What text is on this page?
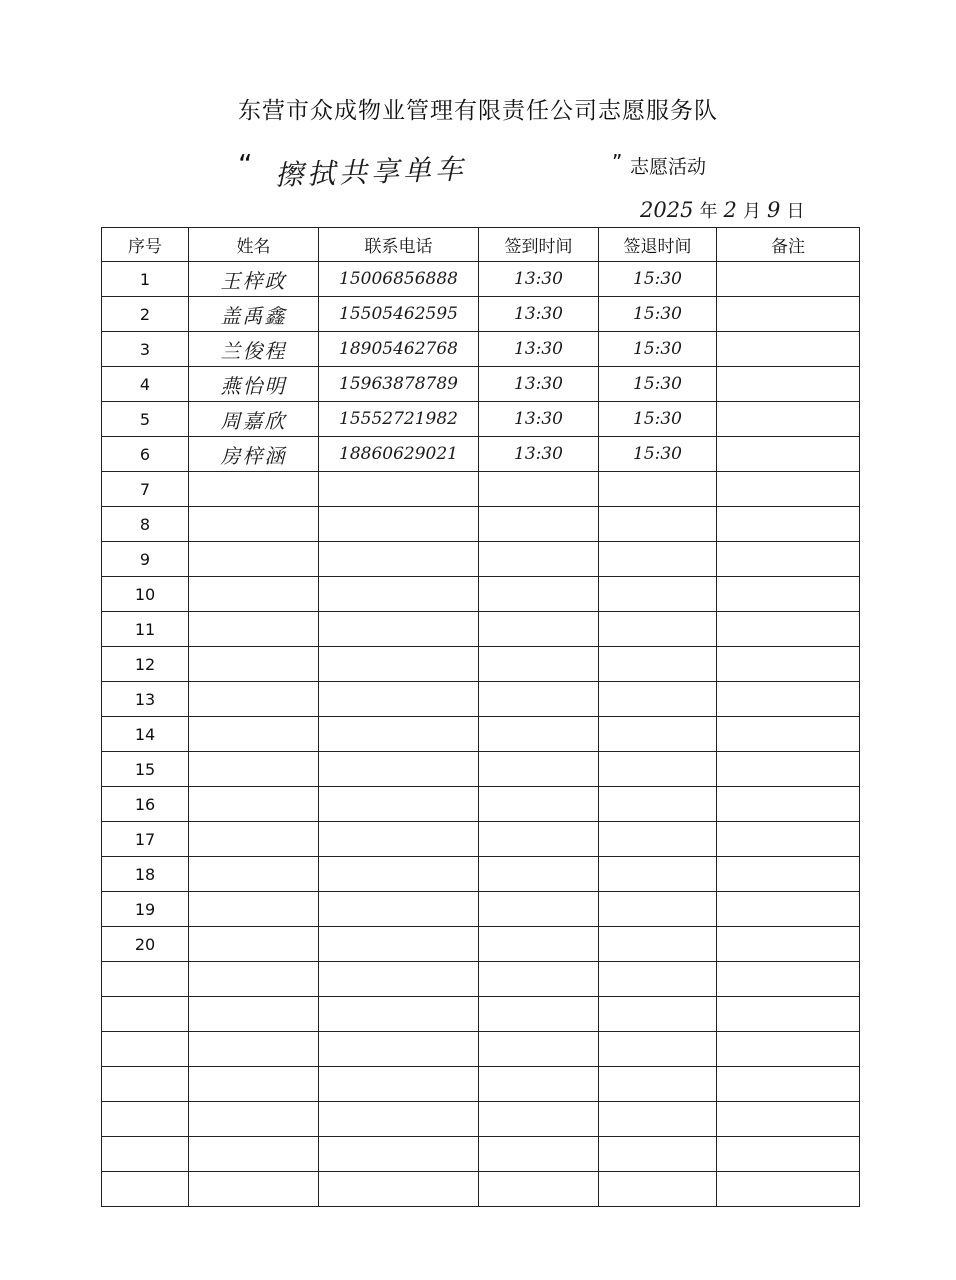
东营市众成物业管理有限责任公司志愿服务队
“ 擦拭共享单车	” 志愿活动
2025 年 2 月 9 日
序号	姓名	联系电话	签到时间	签退时间	备注
1	王梓政	15006856888	13:30	15:30	
2	盖禹鑫	15505462595	13:30	15:30	
3	兰俊程	18905462768	13:30	15:30	
4	燕怡明	15963878789	13:30	15:30	
5	周嘉欣	15552721982	13:30	15:30	
6	房梓涵	18860629021	13:30	15:30	
7					
8					
9					
10					
11					
12					
13					
14					
15					
16					
17					
18					
19					
20					
